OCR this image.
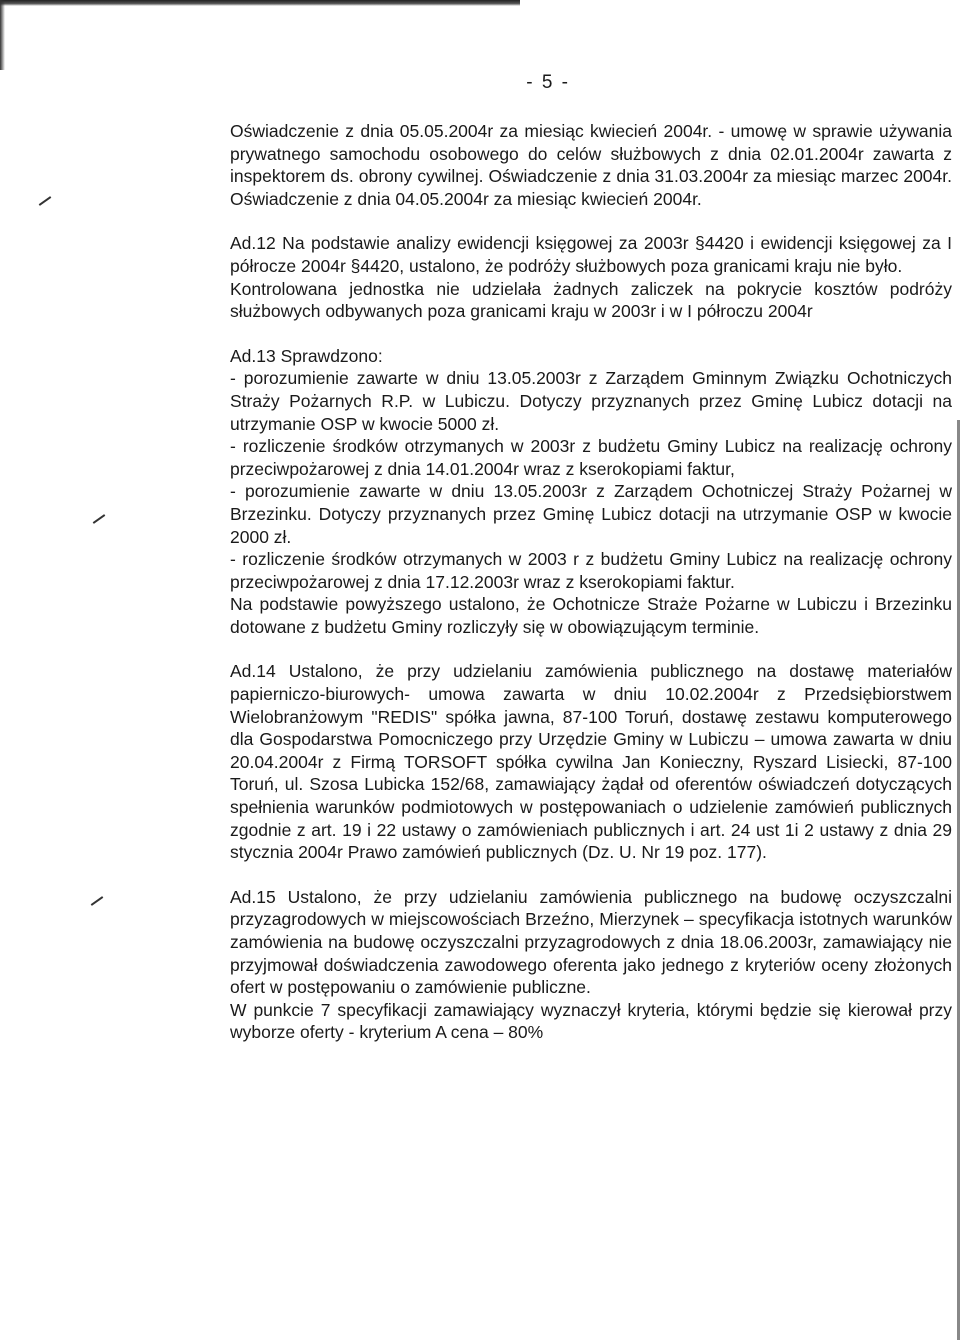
- 5 -

Oświadczenie z dnia 05.05.2004r za miesiąc kwiecień 2004r. - umowę w sprawie używania prywatnego samochodu osobowego do celów służbowych z dnia 02.01.2004r zawarta z inspektorem ds. obrony cywilnej. Oświadczenie z dnia 31.03.2004r za miesiąc marzec 2004r. Oświadczenie z dnia 04.05.2004r za miesiąc kwiecień 2004r.

Ad.12 Na podstawie analizy ewidencji księgowej za 2003r §4420 i ewidencji księgowej za I półrocze 2004r §4420, ustalono, że podróży służbowych poza granicami kraju nie było.

Kontrolowana jednostka nie udzielała żadnych zaliczek na pokrycie kosztów podróży służbowych odbywanych poza granicami kraju w 2003r i w I półroczu 2004r

Ad.13 Sprawdzono:

- porozumienie zawarte w dniu 13.05.2003r z Zarządem Gminnym Związku Ochotniczych Straży Pożarnych R.P. w Lubiczu. Dotyczy przyznanych przez Gminę Lubicz dotacji na utrzymanie OSP w kwocie 5000 zł.

- rozliczenie środków otrzymanych w 2003r z budżetu Gminy Lubicz na realizację ochrony przeciwpożarowej z dnia 14.01.2004r wraz z kserokopiami faktur,

- porozumienie zawarte w dniu 13.05.2003r z Zarządem Ochotniczej Straży Pożarnej w Brzezinku. Dotyczy przyznanych przez Gminę Lubicz dotacji na utrzymanie OSP w kwocie 2000 zł.

- rozliczenie środków otrzymanych w 2003 r z budżetu Gminy Lubicz na realizację ochrony przeciwpożarowej z dnia 17.12.2003r wraz z kserokopiami faktur.

Na podstawie powyższego ustalono, że Ochotnicze Straże Pożarne w Lubiczu i Brzezinku dotowane z budżetu Gminy rozliczyły się w obowiązującym terminie.

Ad.14 Ustalono, że przy udzielaniu zamówienia publicznego na dostawę materiałów papierniczo-biurowych- umowa zawarta w dniu 10.02.2004r z Przedsiębiorstwem Wielobranżowym "REDIS" spółka jawna, 87-100 Toruń, dostawę zestawu komputerowego dla Gospodarstwa Pomocniczego przy Urzędzie Gminy w Lubiczu – umowa zawarta w dniu 20.04.2004r z Firmą TORSOFT spółka cywilna Jan Konieczny, Ryszard Lisiecki, 87-100 Toruń, ul. Szosa Lubicka 152/68, zamawiający żądał od oferentów oświadczeń dotyczących spełnienia warunków podmiotowych w postępowaniach o udzielenie zamówień publicznych zgodnie z art. 19 i 22 ustawy o zamówieniach publicznych i art. 24 ust 1i 2 ustawy z dnia 29 stycznia 2004r Prawo zamówień publicznych (Dz. U. Nr 19 poz. 177).

Ad.15 Ustalono, że przy udzielaniu zamówienia publicznego na budowę oczyszczalni przyzagrodowych w miejscowościach Brzeźno, Mierzynek – specyfikacja istotnych warunków zamówienia na budowę oczyszczalni przyzagrodowych z dnia 18.06.2003r, zamawiający nie przyjmował doświadczenia zawodowego oferenta jako jednego z kryteriów oceny złożonych ofert w postępowaniu o zamówienie publiczne.

W punkcie 7 specyfikacji zamawiający wyznaczył kryteria, którymi będzie się kierował przy wyborze oferty - kryterium A cena – 80%
